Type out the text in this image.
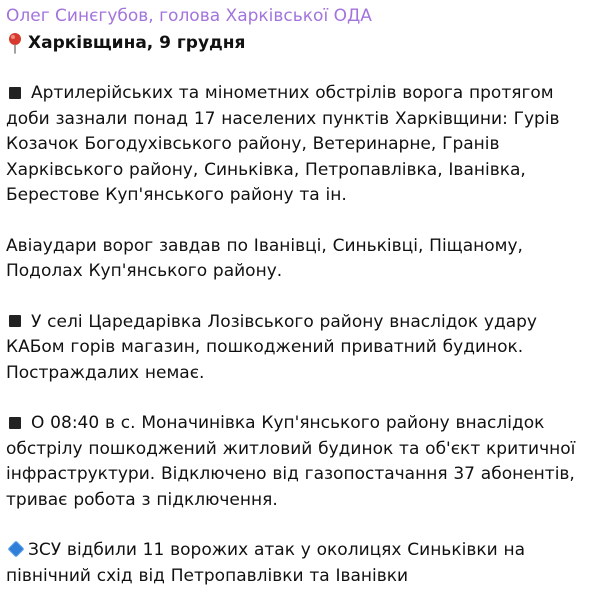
Олег Синєгубов, голова Харківської ОДА
Харківщина, 9 грудня
Артилерійських та мінометних обстрілів ворога протягом
доби зазнали понад 17 населених пунктів Харківщини: Гурів
Козачок Богодухівського району, Ветеринарне, Гранів
Харківського району, Синьківка, Петропавлівка, Іванівка,
Берестове Куп'янського району та ін.
Авіаудари ворог завдав по Іванівці, Синьківці, Піщаному,
Подолах Куп'янського району.
У селі Царедарівка Лозівського району внаслідок удару
КАБом горів магазин, пошкоджений приватний будинок.
Постраждалих немає.
О 08:40 в с. Моначинівка Куп'янського району внаслідок
обстрілу пошкоджений житловий будинок та об'єкт критичної
інфраструктури. Відключено від газопостачання 37 абонентів,
триває робота з підключення.
ЗСУ відбили 11 ворожих атак у околицях Синьківки на
північний схід від Петропавлівки та Іванівки
